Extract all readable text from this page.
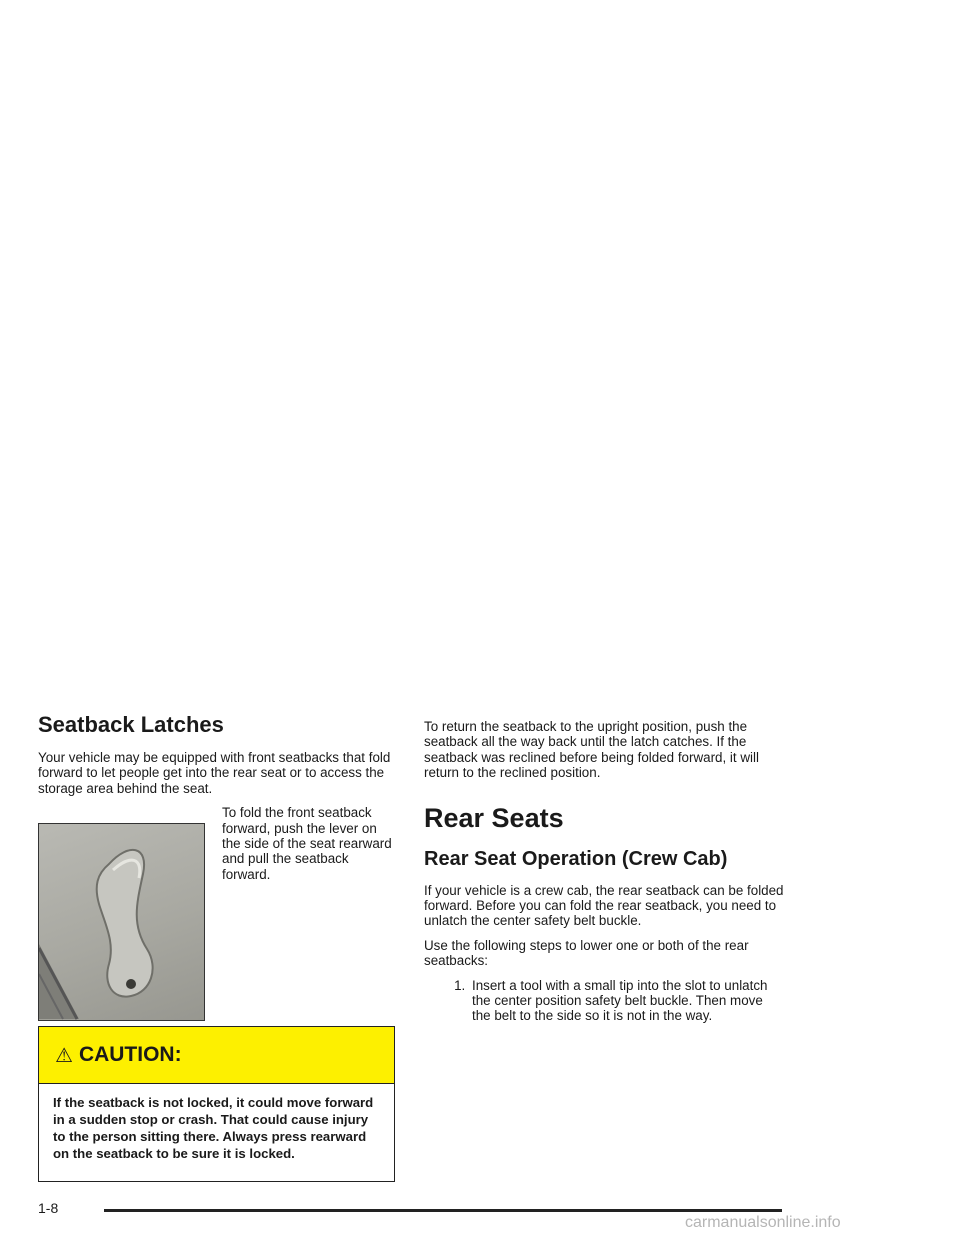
Seatback Latches

Your vehicle may be equipped with front seatbacks that fold forward to let people get into the rear seat or to access the storage area behind the seat.

To fold the front seatback forward, push the lever on the side of the seat rearward and pull the seatback forward.

⚠ CAUTION:
If the seatback is not locked, it could move forward in a sudden stop or crash. That could cause injury to the person sitting there. Always press rearward on the seatback to be sure it is locked.

To return the seatback to the upright position, push the seatback all the way back until the latch catches. If the seatback was reclined before being folded forward, it will return to the reclined position.

Rear Seats
Rear Seat Operation (Crew Cab)

If your vehicle is a crew cab, the rear seatback can be folded forward. Before you can fold the rear seatback, you need to unlatch the center safety belt buckle.

Use the following steps to lower one or both of the rear seatbacks:

1. Insert a tool with a small tip into the slot to unlatch the center position safety belt buckle. Then move the belt to the side so it is not in the way.
1-8
carmanualsonline.info
